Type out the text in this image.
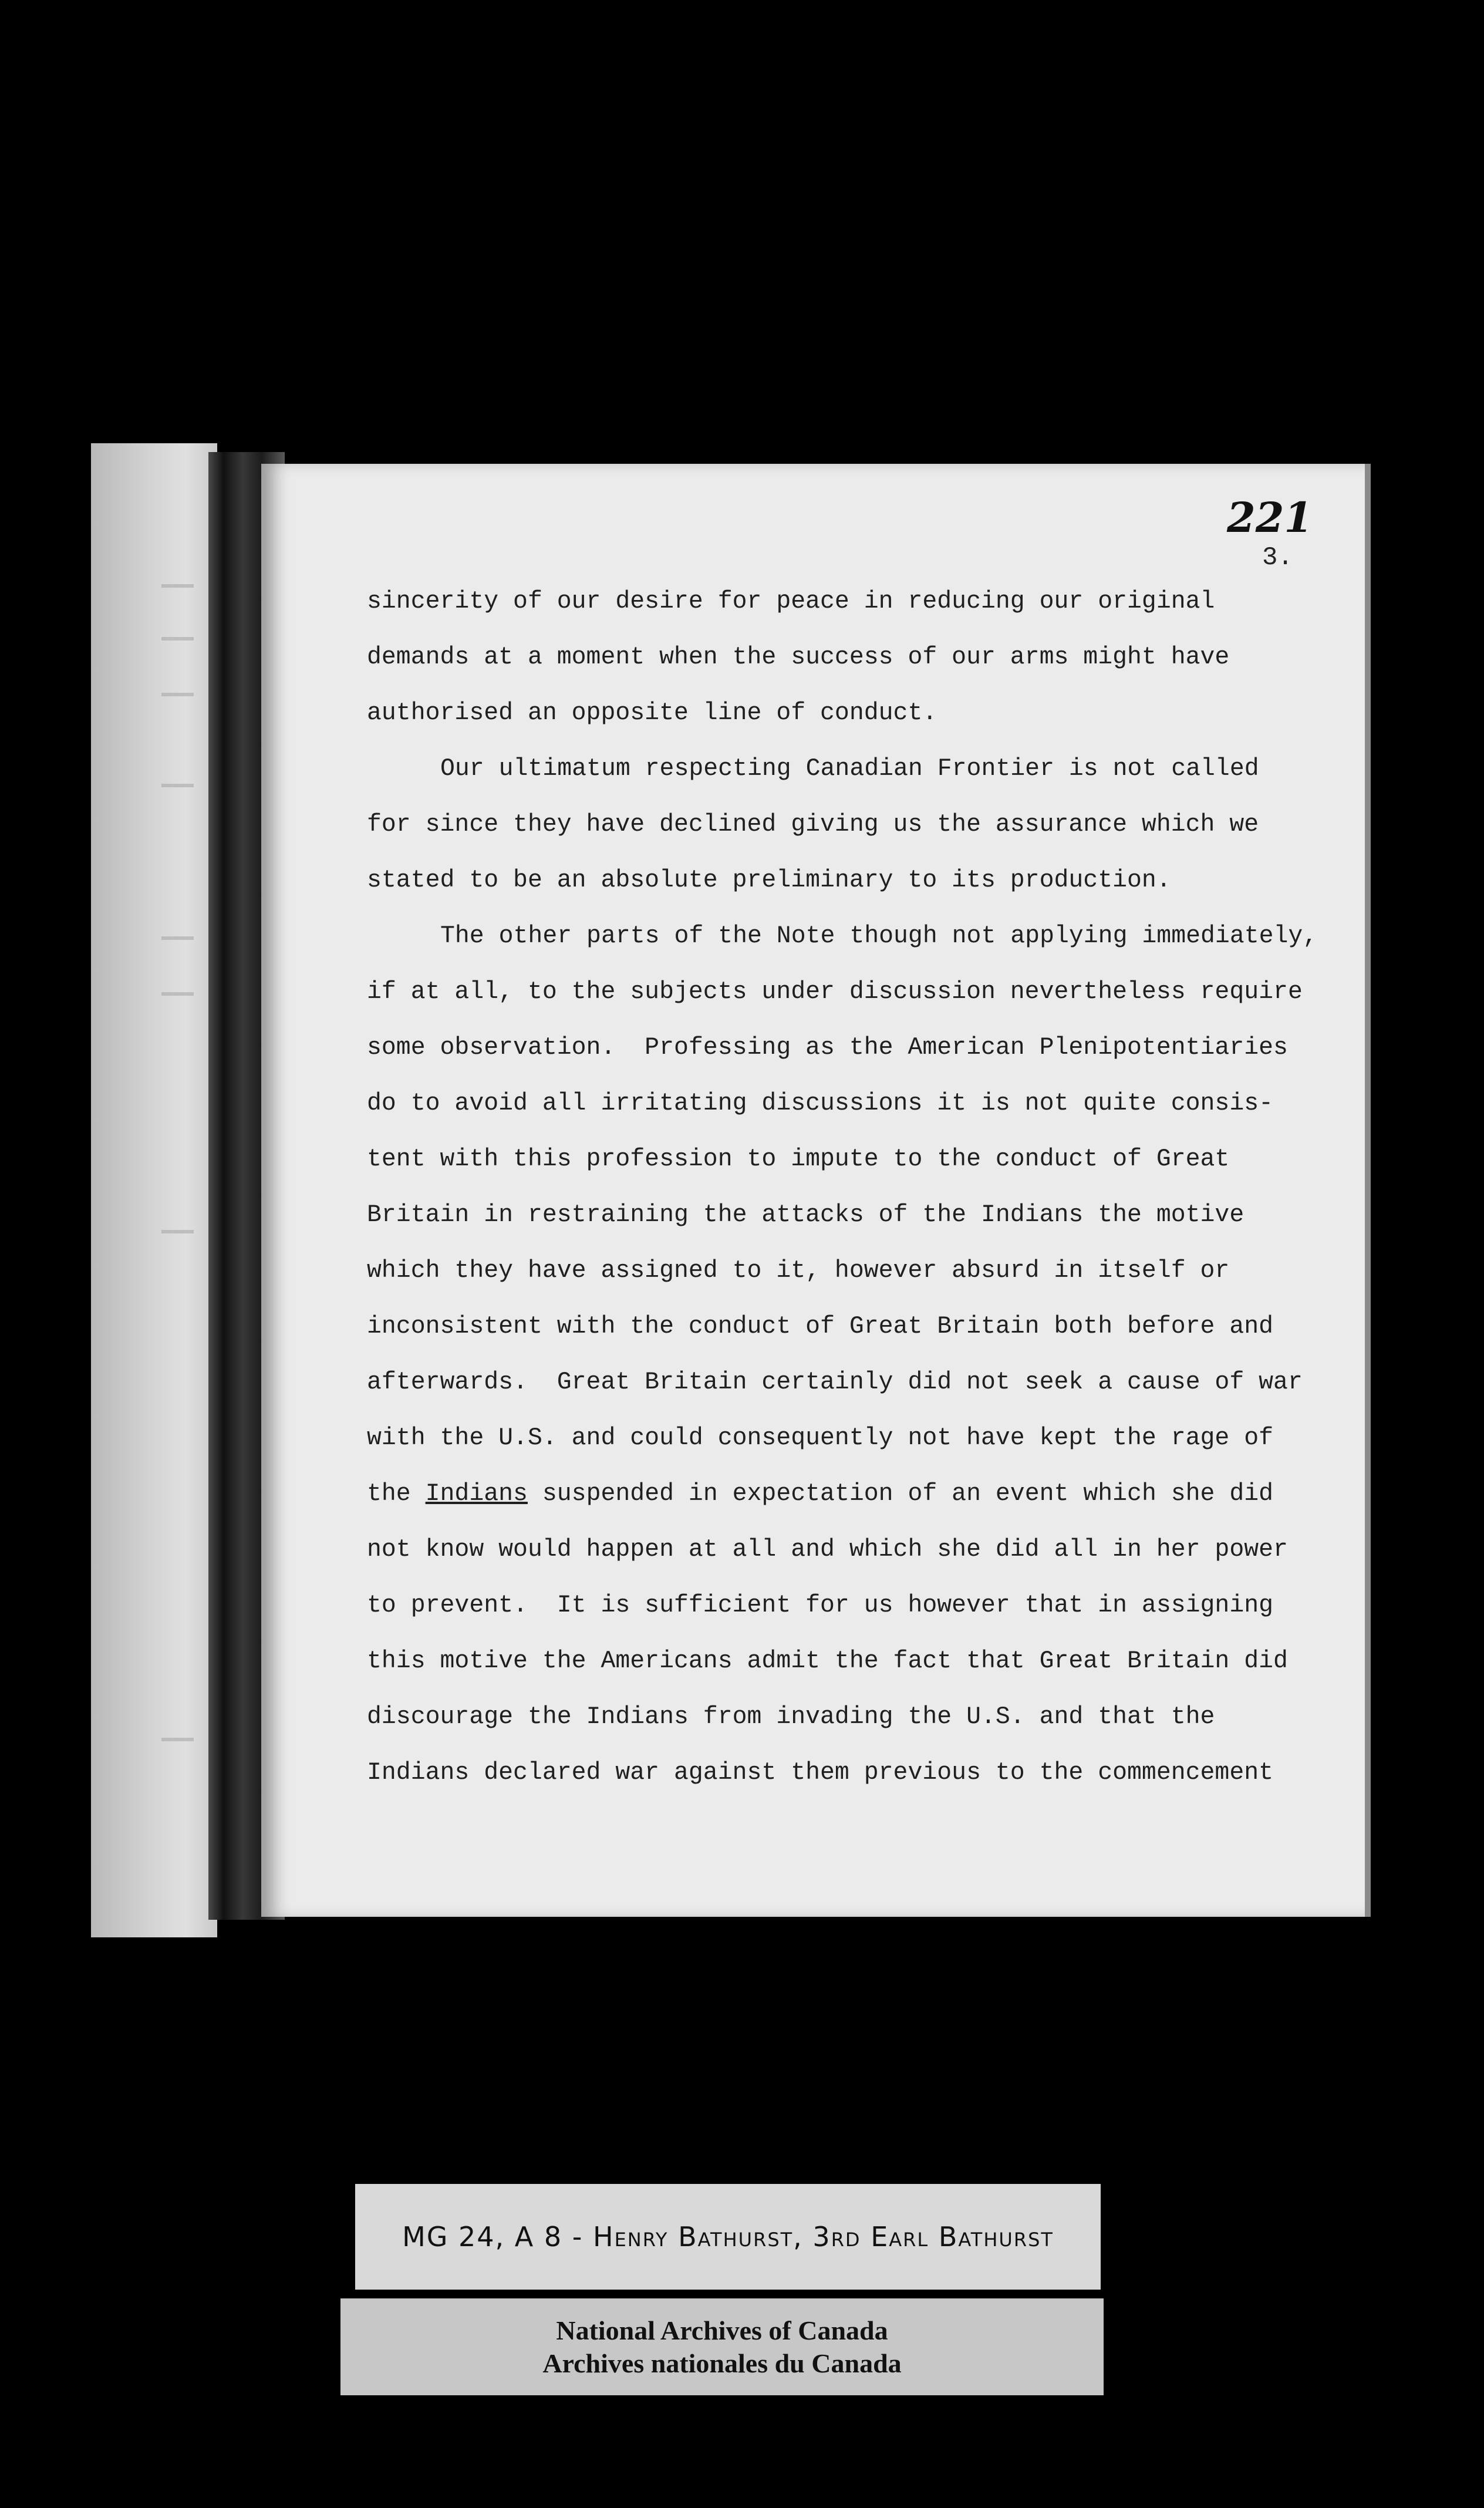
221
3.
sincerity of our desire for peace in reducing our original
demands at a moment when the success of our arms might have
authorised an opposite line of conduct.
Our ultimatum respecting Canadian Frontier is not called
for since they have declined giving us the assurance which we
stated to be an absolute preliminary to its production.
The other parts of the Note though not applying immediately,
if at all, to the subjects under discussion nevertheless require
some observation.  Professing as the American Plenipotentiaries
do to avoid all irritating discussions it is not quite consis-
tent with this profession to impute to the conduct of Great
Britain in restraining the attacks of the Indians the motive
which they have assigned to it, however absurd in itself or
inconsistent with the conduct of Great Britain both before and
afterwards.  Great Britain certainly did not seek a cause of war
with the U.S. and could consequently not have kept the rage of
the Indians suspended in expectation of an event which she did
not know would happen at all and which she did all in her power
to prevent.  It is sufficient for us however that in assigning
this motive the Americans admit the fact that Great Britain did
discourage the Indians from invading the U.S. and that the
Indians declared war against them previous to the commencement
MG 24, A 8 - Henry Bathurst, 3rd Earl Bathurst
National Archives of Canada
Archives nationales du Canada
